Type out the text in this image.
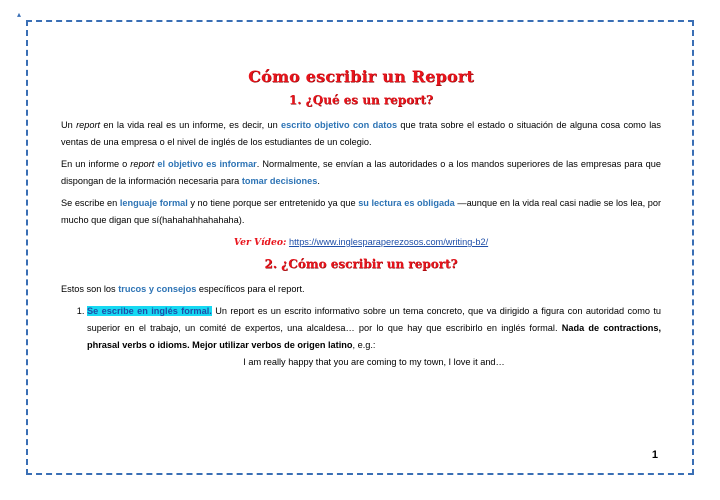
▴
Cómo escribir un Report
1. ¿Qué es un report?

Un report en la vida real es un informe, es decir, un escrito objetivo con datos que trata sobre el estado o situación de alguna cosa como las ventas de una empresa o el nivel de inglés de los estudiantes de un colegio.

En un informe o report el objetivo es informar. Normalmente, se envían a las autoridades o a los mandos superiores de las empresas para que dispongan de la información necesaria para tomar decisiones.

Se escribe en lenguaje formal y no tiene porque ser entretenido ya que su lectura es obligada —aunque en la vida real casi nadie se los lea, por mucho que digan que sí(hahahahhahahaha).

Ver Vídeo: https://www.inglesparaperezosos.com/writing-b2/
2. ¿Cómo escribir un report?

Estos son los trucos y consejos específicos para el report.

1. Se escribe en inglés formal. Un report es un escrito informativo sobre un tema concreto, que va dirigido a figura con autoridad como tu superior en el trabajo, un comité de expertos, una alcaldesa… por lo que hay que escribirlo en inglés formal. Nada de contractions, phrasal verbs o idioms. Mejor utilizar verbos de origen latino, e.g.:
I am really happy that you are coming to my town, I love it and…
1
